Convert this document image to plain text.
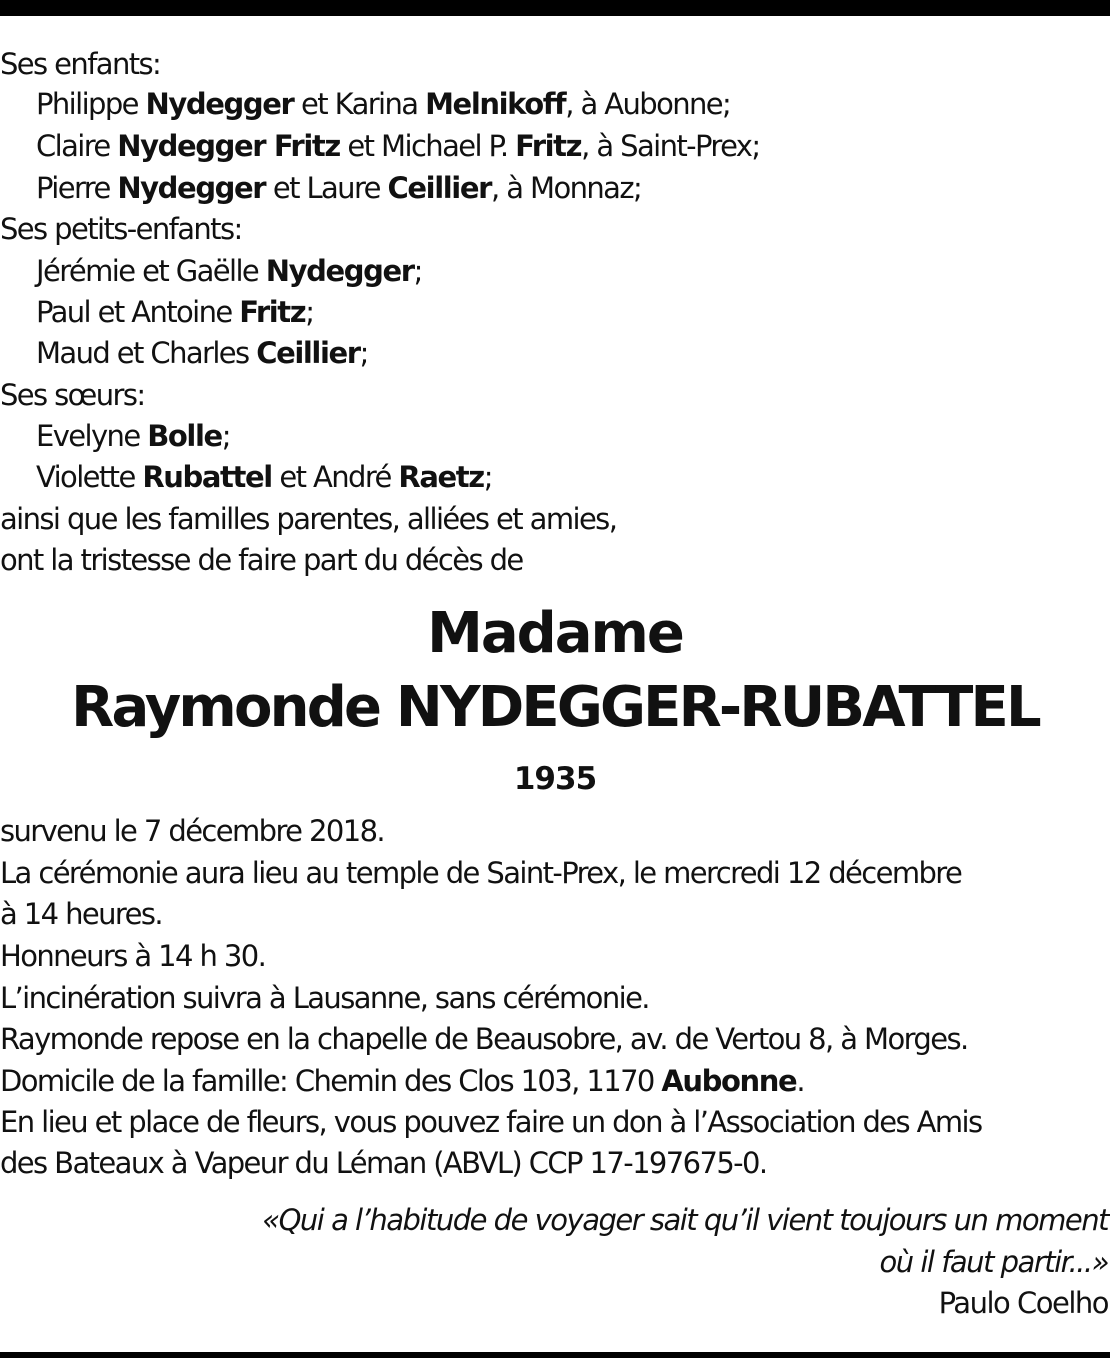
Ses enfants:
Philippe Nydegger et Karina Melnikoff, à Aubonne;
Claire Nydegger Fritz et Michael P. Fritz, à Saint-Prex;
Pierre Nydegger et Laure Ceillier, à Monnaz;
Ses petits-enfants:
Jérémie et Gaëlle Nydegger;
Paul et Antoine Fritz;
Maud et Charles Ceillier;
Ses sœurs:
Evelyne Bolle;
Violette Rubattel et André Raetz;
ainsi que les familles parentes, alliées et amies,
ont la tristesse de faire part du décès de
Madame
Raymonde NYDEGGER-RUBATTEL
1935
survenu le 7 décembre 2018.
La cérémonie aura lieu au temple de Saint-Prex, le mercredi 12 décembre
à 14 heures.
Honneurs à 14 h 30.
L’incinération suivra à Lausanne, sans cérémonie.
Raymonde repose en la chapelle de Beausobre, av. de Vertou 8, à Morges.
Domicile de la famille: Chemin des Clos 103, 1170 Aubonne.
En lieu et place de fleurs, vous pouvez faire un don à l’Association des Amis
des Bateaux à Vapeur du Léman (ABVL) CCP 17-197675-0.
«Qui a l’habitude de voyager sait qu’il vient toujours un moment
où il faut partir...»
Paulo Coelho
